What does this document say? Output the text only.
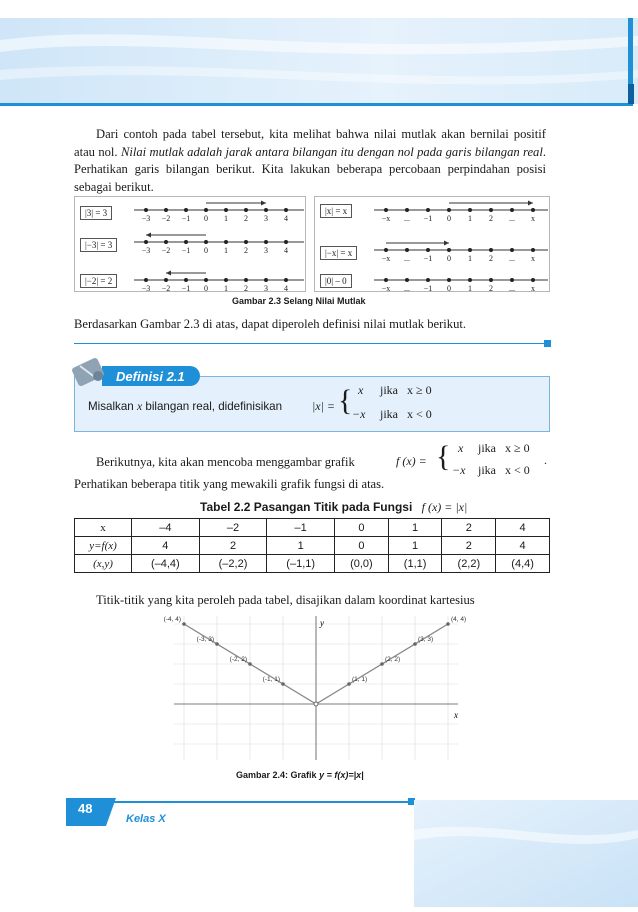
Dari contoh pada tabel tersebut, kita melihat bahwa nilai mutlak akan bernilai positif atau nol. Nilai mutlak adalah jarak antara bilangan itu dengan nol pada garis bilangan real. Perhatikan garis bilangan berikut. Kita lakukan beberapa percobaan perpindahan posisi sebagai berikut.
−3 −2 −1 0 1 2 3 4
−3 −2 −1 0 1 2 3 4
−3 −2 −1 0 1 2 3 4
−x ... −1 0 1 2 ... x
−x ... −1 0 1 2 ... x
−x ... −1 0 1 2 ... x
|3| = 3
|−3| = 3
|−2| = 2
|x| = x
|−x| = x
|0| – 0
Gambar 2.3 Selang Nilai Mutlak
Berdasarkan Gambar 2.3 di atas, dapat diperoleh definisi nilai mutlak berikut.
Definisi 2.1
Misalkan x bilangan real, didefinisikan |x| = { x jika   x ≥ 0
−x jika   x < 0
Berikutnya, kita akan mencoba menggambar grafik	f (x) = { x jika   x ≥ 0
−x jika   x < 0
.
Perhatikan beberapa titik yang mewakili grafik fungsi di atas.
Tabel 2.2 Pasangan Titik pada Fungsi f (x) = |x|
x	–4	–2	–1	0	1	2	4
y=f(x)	4	2	1	0	1	2	4
(x,y)	(–4,4)	(–2,2)	(–1,1)	(0,0)	(1,1)	(2,2)	(4,4)
Titik-titik yang kita peroleh pada tabel, disajikan dalam koordinat kartesius
x
y
(-4, 4)
(-3, 3)
(-2, 2)
(-1, 1)	(1, 1)
(2, 2)
(3, 3)
(4, 4)
Gambar 2.4: Grafik y = f(x)=|x|
48
Kelas X
